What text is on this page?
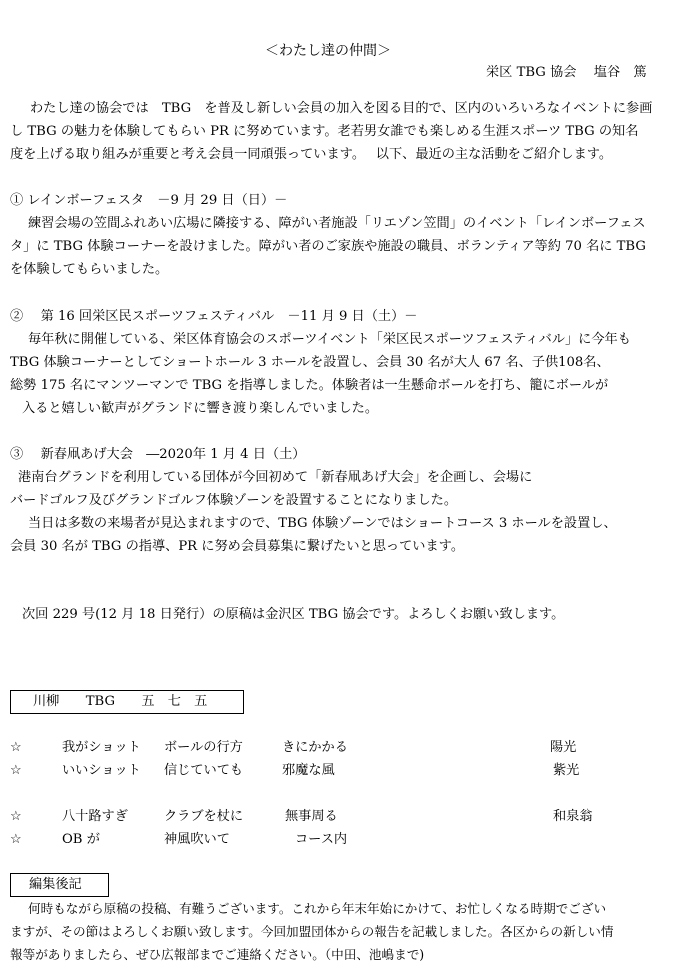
＜わたし達の仲間＞
栄区 TBG 協会　 塩谷　篤
わたし達の協会では　TBG　を普及し新しい会員の加入を図る目的で、区内のいろいろなイベントに参画
し TBG の魅力を体験してもらい PR に努めています。老若男女誰でも楽しめる生涯スポーツ TBG の知名
度を上げる取り組みが重要と考え会員一同頑張っています。　 以下、最近の主な活動をご紹介します。
① レインボーフェスタ　－9 月 29 日（日）－
練習会場の笠間ふれあい広場に隣接する、障がい者施設「リエゾン笠間」のイベント「レインボーフェス
タ」に TBG 体験コーナーを設けました。障がい者のご家族や施設の職員、ボランティア等約 70 名に TBG
を体験してもらいました。
②　 第 16 回栄区民スポーツフェスティバル　－11 月 9 日（土）－
毎年秋に開催している、栄区体育協会のスポーツイベント「栄区民スポーツフェスティバル」に今年も
TBG 体験コーナーとしてショートホール 3 ホールを設置し、会員 30 名が大人 67 名、子供108名、
総勢 175 名にマンツーマンで TBG を指導しました。体験者は一生懸命ボールを打ち、籠にボールが
入ると嬉しい歓声がグランドに響き渡り楽しんでいました。
③　 新春凧あげ大会　―2020年 1 月 4 日（土）
港南台グランドを利用している団体が今回初めて「新春凧あげ大会」を企画し、会場に
バードゴルフ及びグランドゴルフ体験ゾーンを設置することになりました。
当日は多数の来場者が見込まれますので、TBG 体験ゾーンではショートコース 3 ホールを設置し、
会員 30 名が TBG の指導、PR に努め会員募集に繋げたいと思っています。
次回 229 号(12 月 18 日発行）の原稿は金沢区 TBG 協会です。よろしくお願い致します。
川柳　　TBG　　五　七　五
☆	我がショット ボールの行方	きにかかる	陽光
☆	いいショット 信じていても	邪魔な風	紫光
☆	八十路すぎ	クラブを杖に	無事周る	和泉翁
☆	OB が	神風吹いて	コース内
編集後記
何時もながら原稿の投稿、有難うございます。これから年末年始にかけて、お忙しくなる時期でござい
ますが、その節はよろしくお願い致します。今回加盟団体からの報告を記載しました。各区からの新しい情
報等がありましたら、ぜひ広報部までご連絡ください。（中田、池嶋まで)
